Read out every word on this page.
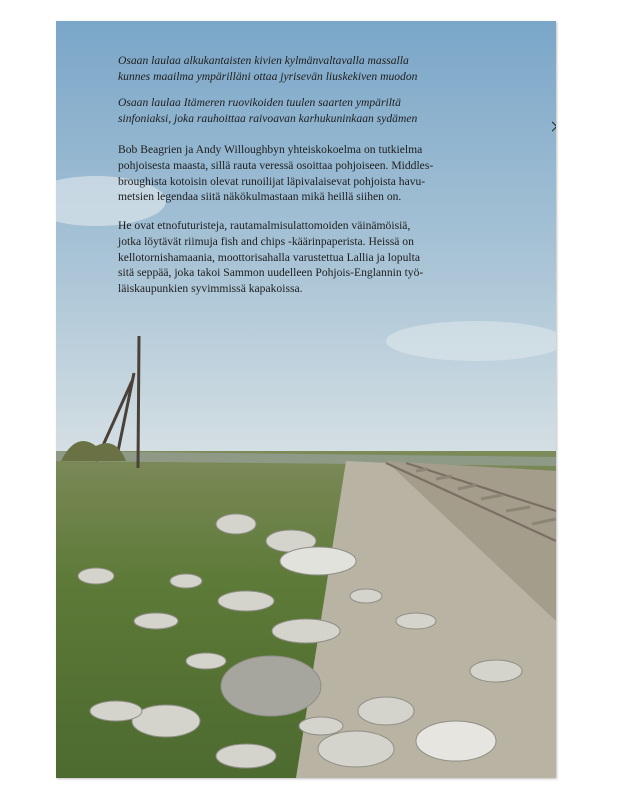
Osaan laulaa alkukantaisten kivien kylmänvaltavalla massalla
kunnes maailma ympärilläni ottaa jyrisevän liuskekiven muodon

Osaan laulaa Itämeren ruovikoiden tuulen saarten ympäriltä
sinfoniaksi, joka rauhoittaa raivoavan karhukuninkaan sydämen

Bob Beagrien ja Andy Willoughbyn yhteiskokoelma on tutkielma
pohjoisesta maasta, sillä rauta veressä osoittaa pohjoiseen. Middles-
broughista kotoisin olevat runoilijat läpivalaisevat pohjoista havu-
metsien legendaa siitä näkökulmastaan mikä heillä siihen on.

He ovat etnofuturisteja, rautamalmisulattomoiden väinämöisiä,
jotka löytävät riimuja fish and chips -käärinpaperista. Heissä on
kellotornishamaania, moottorisahalla varustettua Lallia ja lopulta
sitä seppää, joka takoi Sammon uudelleen Pohjois-Englannin työ-
läiskaupunkien syvimmissä kapakoissa.
